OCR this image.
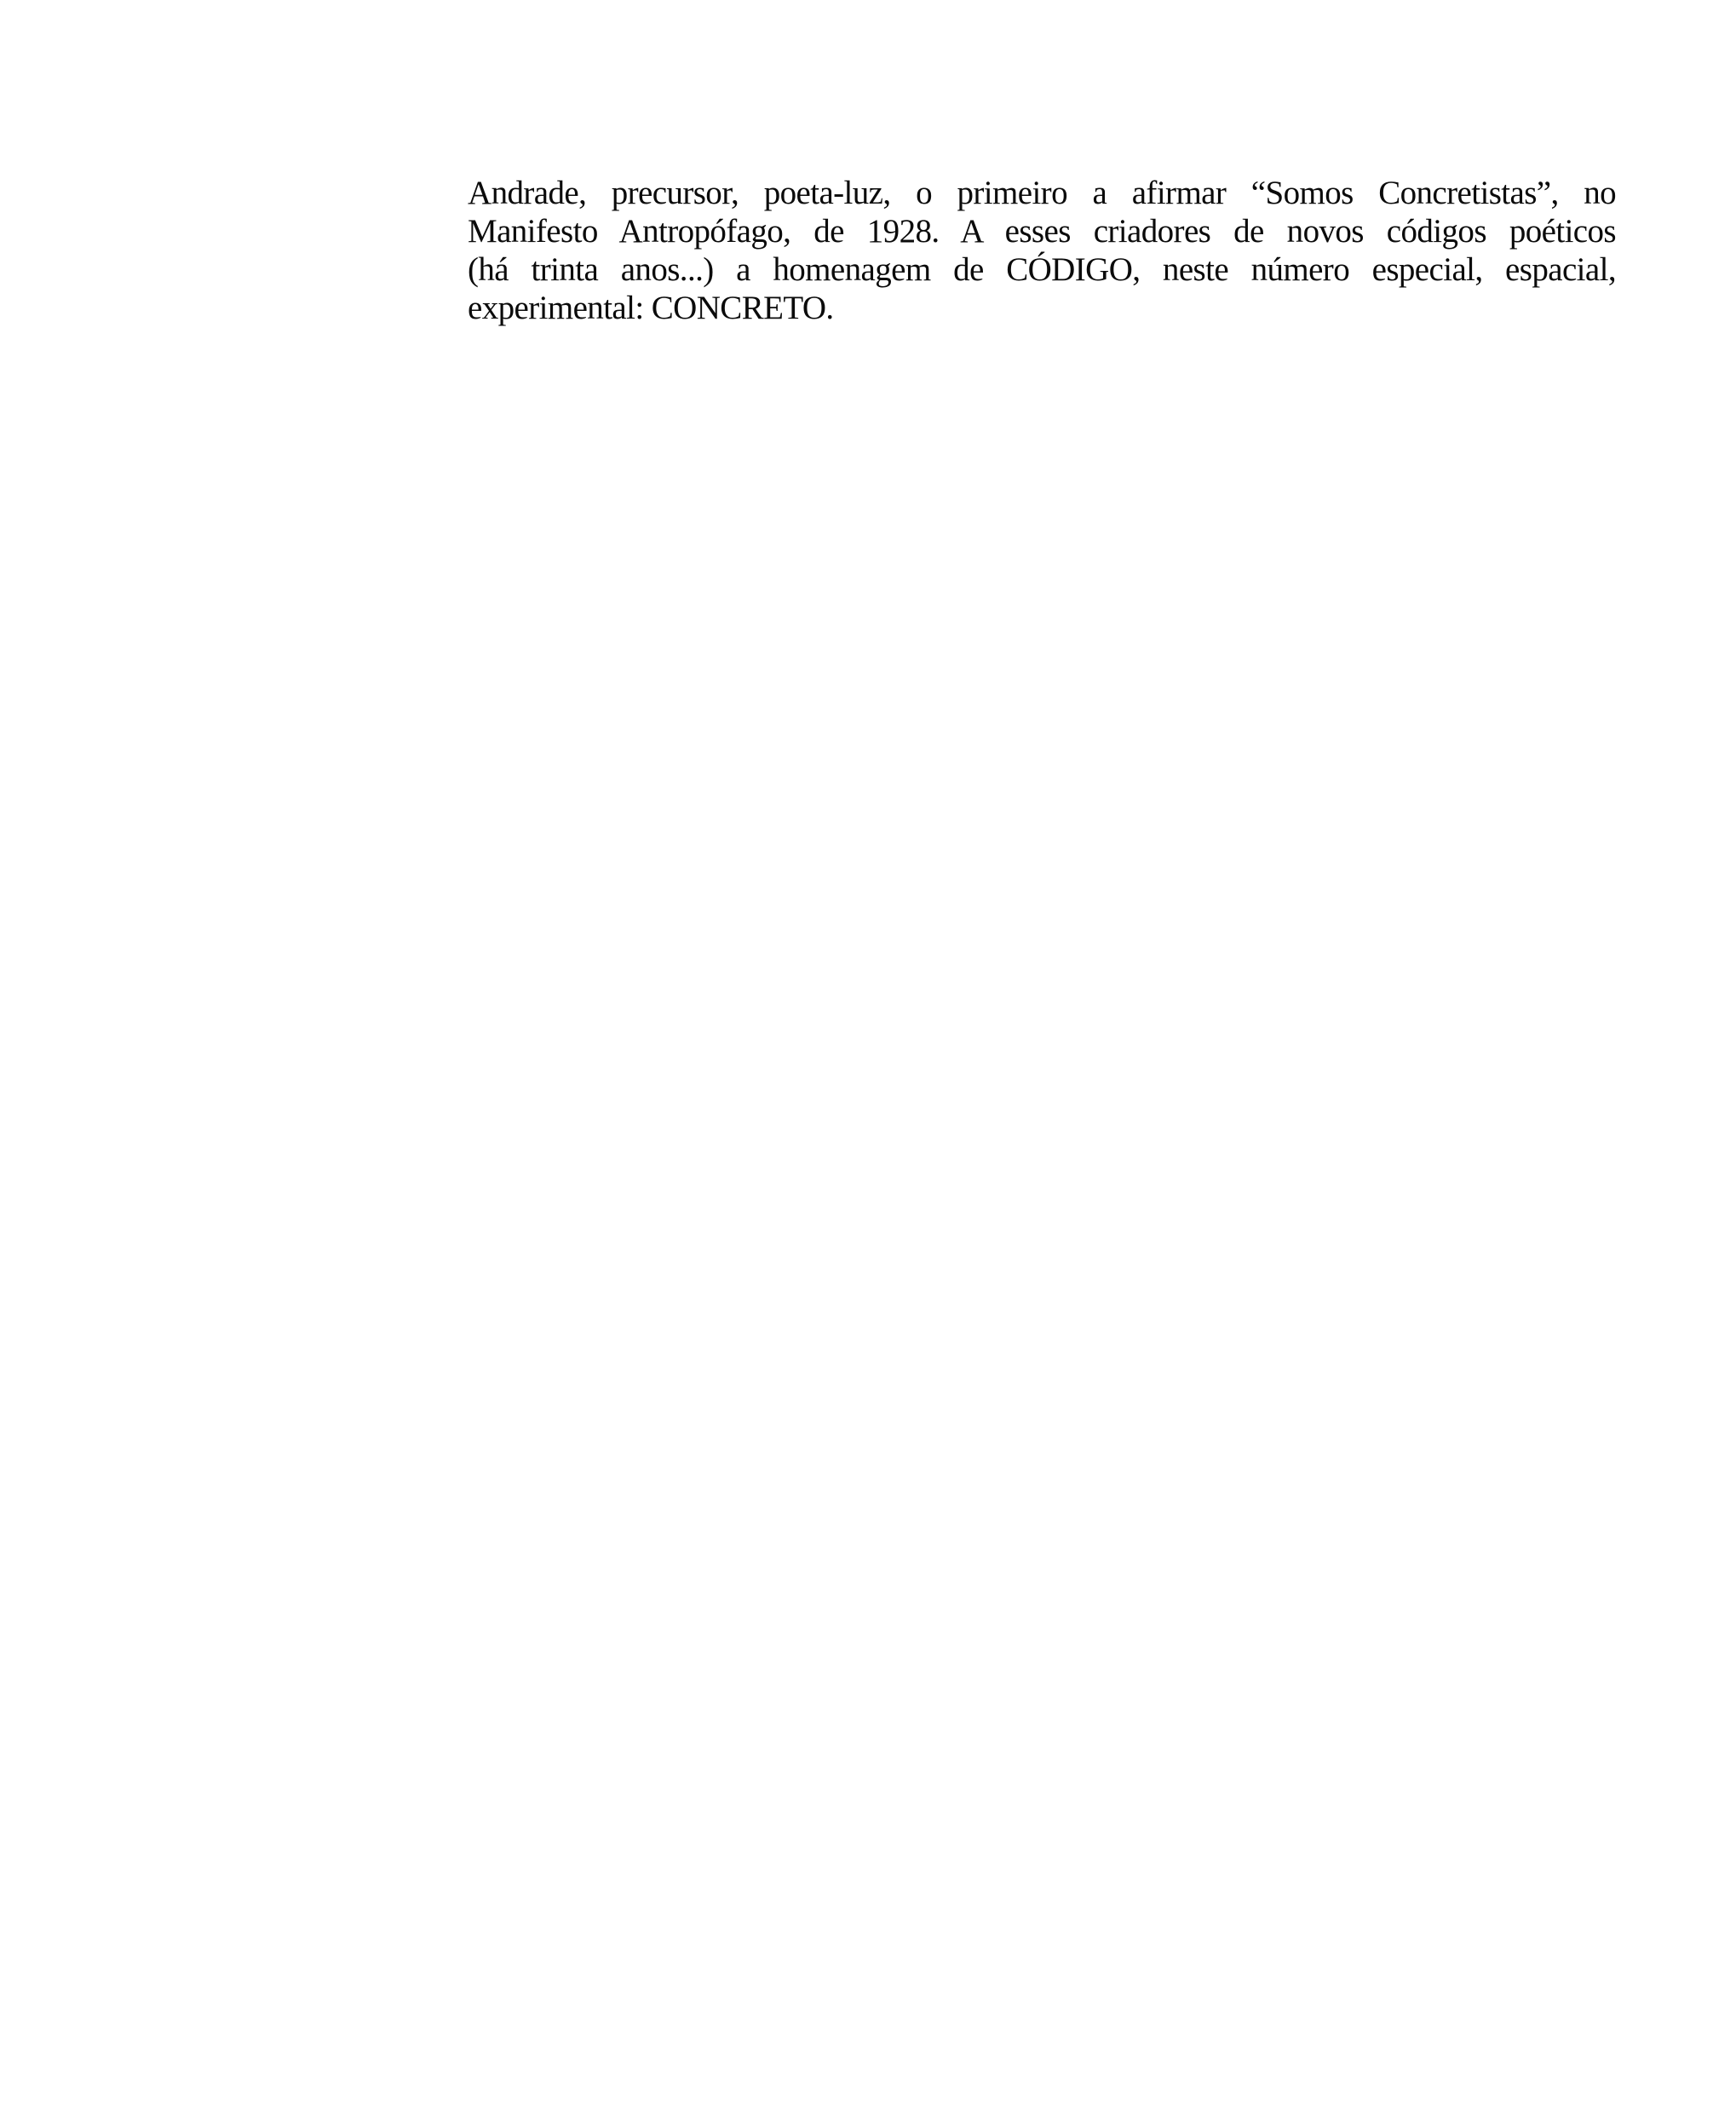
Andrade, precursor, poeta-luz, o primeiro a afirmar “Somos Concretistas”, no
Manifesto Antropófago, de 1928. A esses criadores de novos códigos poéticos
(há trinta anos...) a homenagem de CÓDIGO, neste número especial, espacial,
experimental: CONCRETO.
